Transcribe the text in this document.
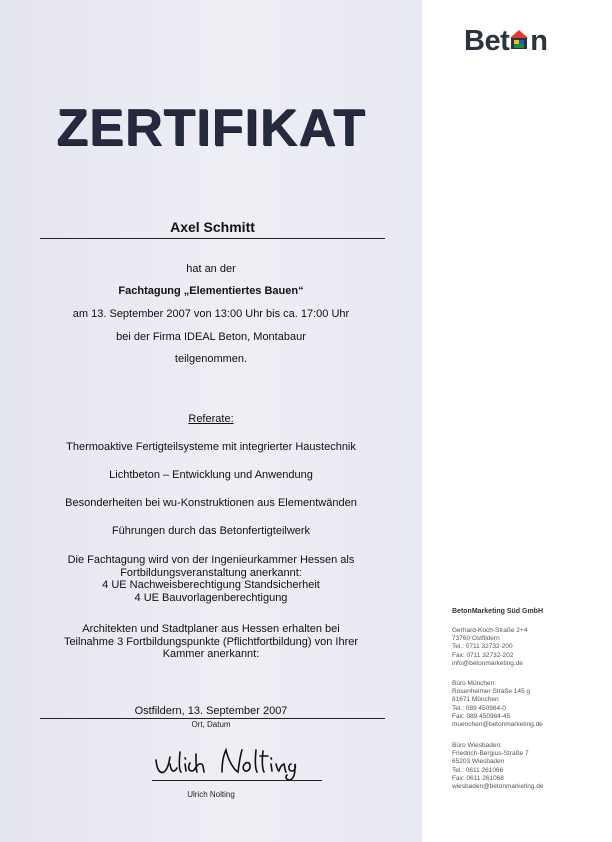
Bet n
ZERTIFIKAT
Axel Schmitt
hat an der
Fachtagung „Elementiertes Bauen“
am 13. September 2007 von 13:00 Uhr bis ca. 17:00 Uhr
bei der Firma IDEAL Beton, Montabaur
teilgenommen.
Referate:
Thermoaktive Fertigteilsysteme mit integrierter Haustechnik
Lichtbeton – Entwicklung und Anwendung
Besonderheiten bei wu-Konstruktionen aus Elementwänden
Führungen durch das Betonfertigteilwerk
Die Fachtagung wird von der Ingenieurkammer Hessen als
Fortbildungsveranstaltung anerkannt:
4 UE Nachweisberechtigung Standsicherheit
4 UE Bauvorlagenberechtigung
Architekten und Stadtplaner aus Hessen erhalten bei
Teilnahme 3 Fortbildungspunkte (Pflichtfortbildung) von Ihrer
Kammer anerkannt:
Ostfildern, 13. September 2007
Ort, Datum
Ulrich Nolting
BetonMarketing Süd GmbH
Gerhard-Koch-Straße 2+4
73760 Ostfildern
Tel.: 0711 32732-200
Fax: 0711 32732-202
info@betonmarketing.de
Büro München:
Rosenheimer Straße 145 g
81671 München
Tel.: 089 450984-0
Fax: 089 450984-45
muenchen@betonmarketing.de
Büro Wiesbaden:
Friedrich-Bergius-Straße 7
65203 Wiesbaden
Tel.: 0611 261066
Fax: 0611 261068
wiesbaden@betonmarketing.de
